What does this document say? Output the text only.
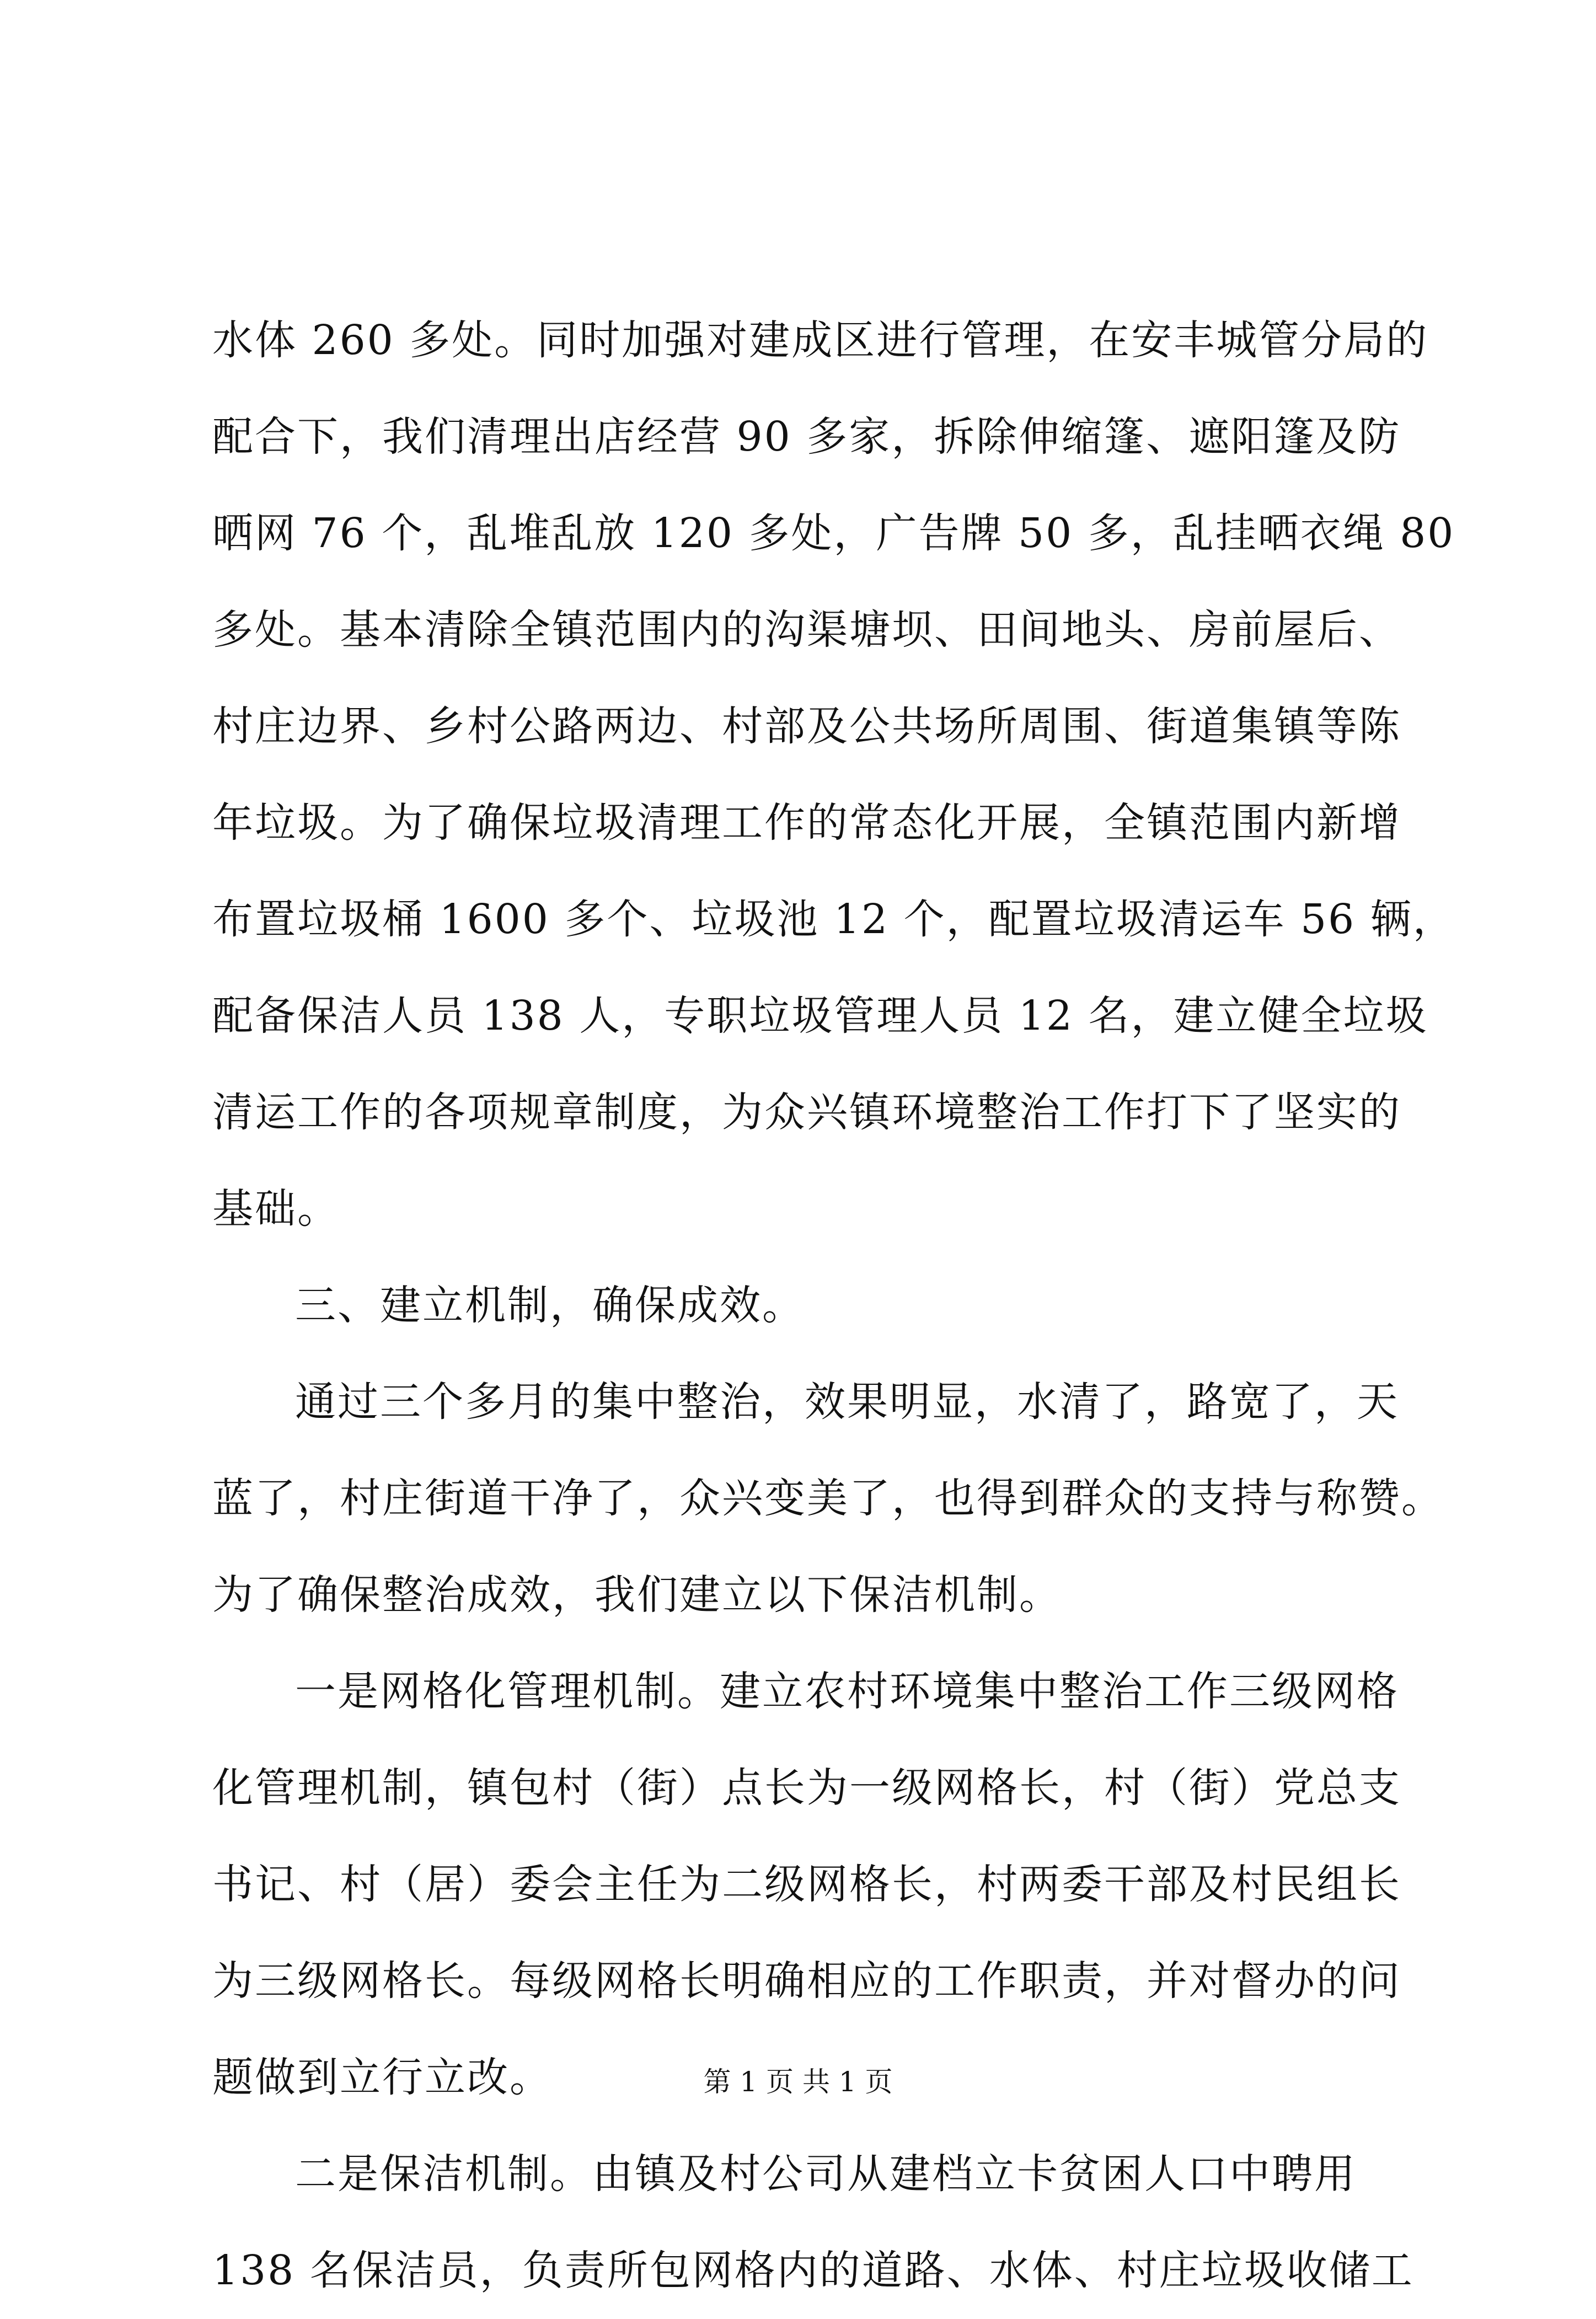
水体 260 多处。同时加强对建成区进行管理，在安丰城管分局的
配合下，我们清理出店经营 90 多家，拆除伸缩篷、遮阳篷及防
晒网 76 个，乱堆乱放 120 多处，广告牌 50 多，乱挂晒衣绳 80
多处。基本清除全镇范围内的沟渠塘坝、田间地头、房前屋后、
村庄边界、乡村公路两边、村部及公共场所周围、街道集镇等陈
年垃圾。为了确保垃圾清理工作的常态化开展，全镇范围内新增
布置垃圾桶 1600 多个、垃圾池 12 个，配置垃圾清运车 56 辆，
配备保洁人员 138 人，专职垃圾管理人员 12 名，建立健全垃圾
清运工作的各项规章制度，为众兴镇环境整治工作打下了坚实的
基础。
三、建立机制，确保成效。
通过三个多月的集中整治，效果明显，水清了，路宽了，天
蓝了，村庄街道干净了，众兴变美了，也得到群众的支持与称赞。
为了确保整治成效，我们建立以下保洁机制。
一是网格化管理机制。建立农村环境集中整治工作三级网格
化管理机制，镇包村（街）点长为一级网格长，村（街）党总支
书记、村（居）委会主任为二级网格长，村两委干部及村民组长
为三级网格长。每级网格长明确相应的工作职责，并对督办的问
题做到立行立改。
二是保洁机制。由镇及村公司从建档立卡贫困人口中聘用
138 名保洁员，负责所包网格内的道路、水体、村庄垃圾收储工
第 1 页 共 1 页
